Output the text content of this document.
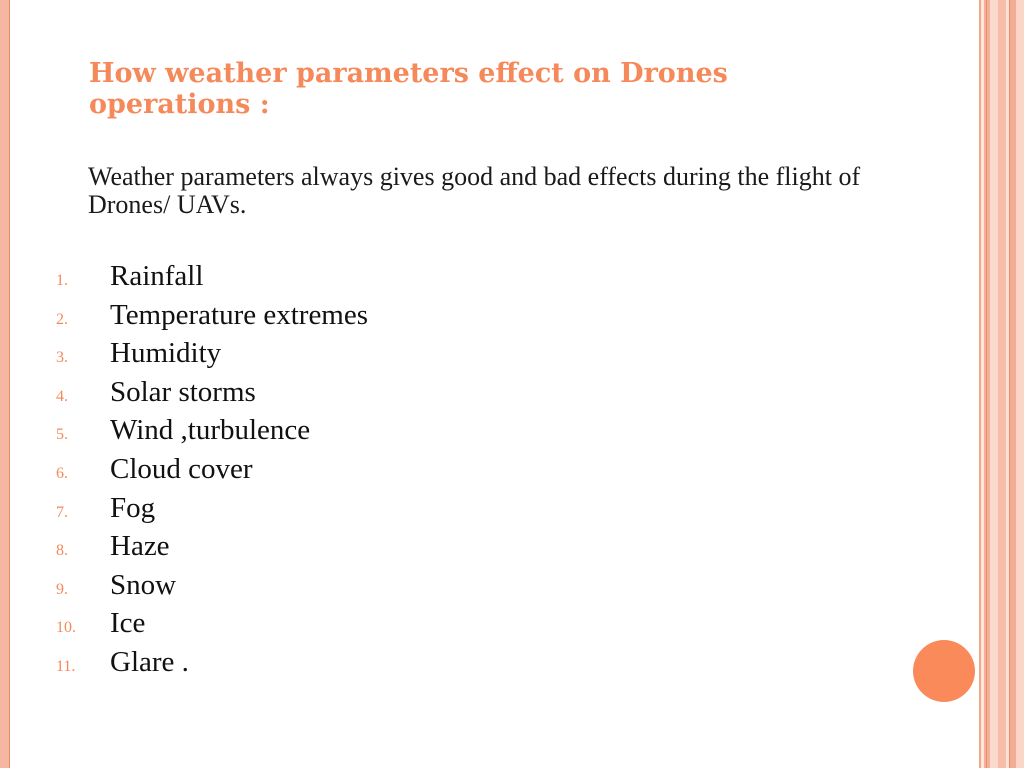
How weather parameters effect on Drones operations :

Weather parameters always gives good and bad effects during the flight of Drones/ UAVs.

1. Rainfall
2. Temperature extremes
3. Humidity
4. Solar storms
5. Wind ,turbulence
6. Cloud cover
7. Fog
8. Haze
9. Snow
10. Ice
11. Glare .
